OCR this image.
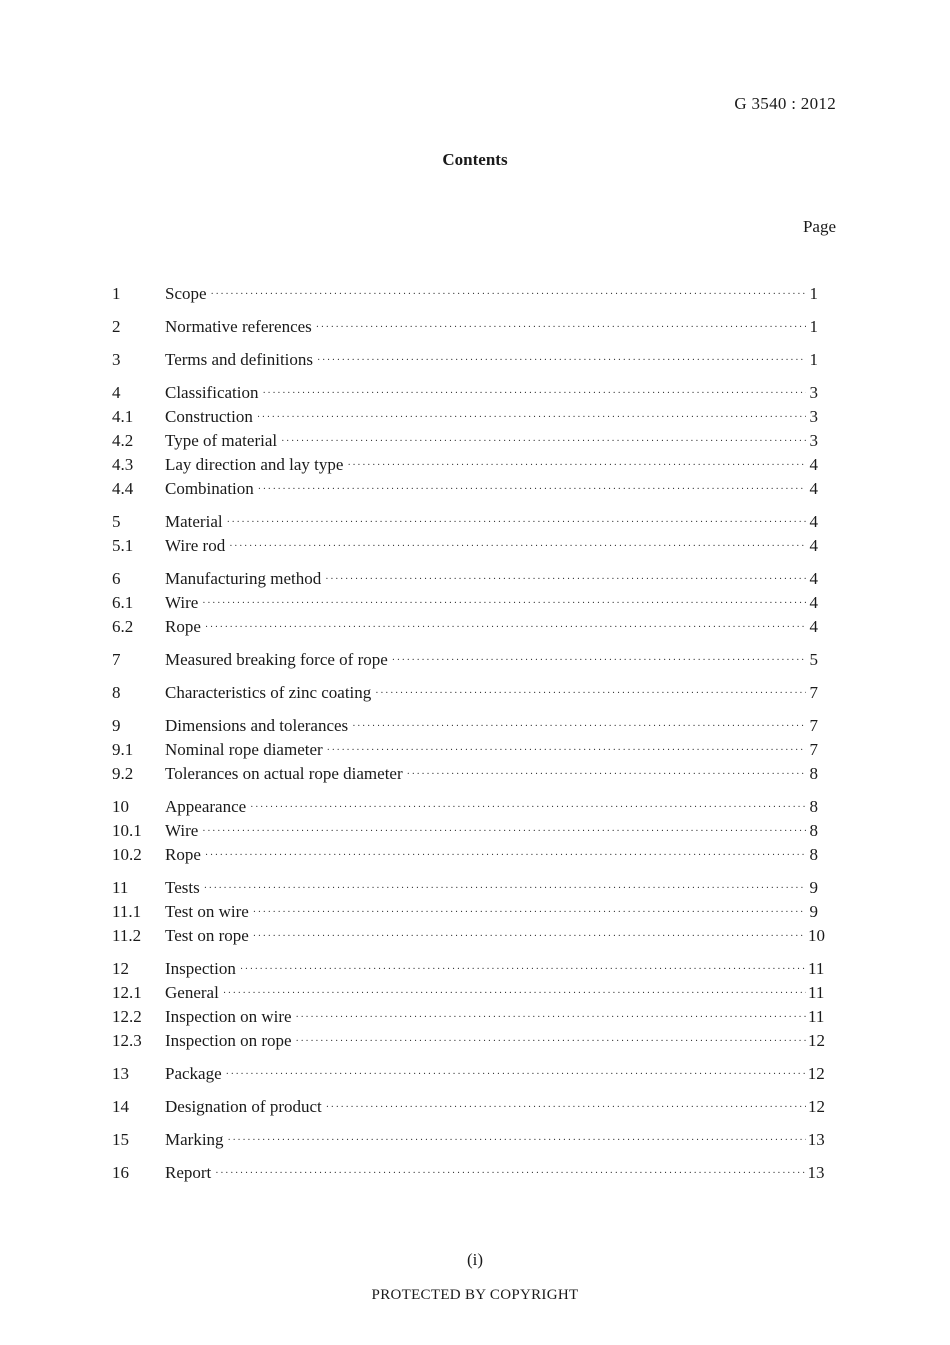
G 3540 : 2012
Contents
Page
1	Scope ·····	1
2	Normative references ·····	1
3	Terms and definitions ·····	1
4	Classification ·····	3
4.1	Construction ·····	3
4.2	Type of material ·····	3
4.3	Lay direction and lay type ·····	4
4.4	Combination ·····	4
5	Material ·····	4
5.1	Wire rod ·····	4
6	Manufacturing method ·····	4
6.1	Wire ·····	4
6.2	Rope ·····	4
7	Measured breaking force of rope ·····	5
8	Characteristics of zinc coating ·····	7
9	Dimensions and tolerances ·····	7
9.1	Nominal rope diameter ·····	7
9.2	Tolerances on actual rope diameter ·····	8
10	Appearance ·····	8
10.1	Wire ·····	8
10.2	Rope ·····	8
11	Tests ·····	9
11.1	Test on wire ·····	9
11.2	Test on rope ·····	10
12	Inspection ·····	11
12.1	General ·····	11
12.2	Inspection on wire ·····	11
12.3	Inspection on rope ·····	12
13	Package ·····	12
14	Designation of product ·····	12
15	Marking ·····	13
16	Report ·····	13
(i)
PROTECTED BY COPYRIGHT
